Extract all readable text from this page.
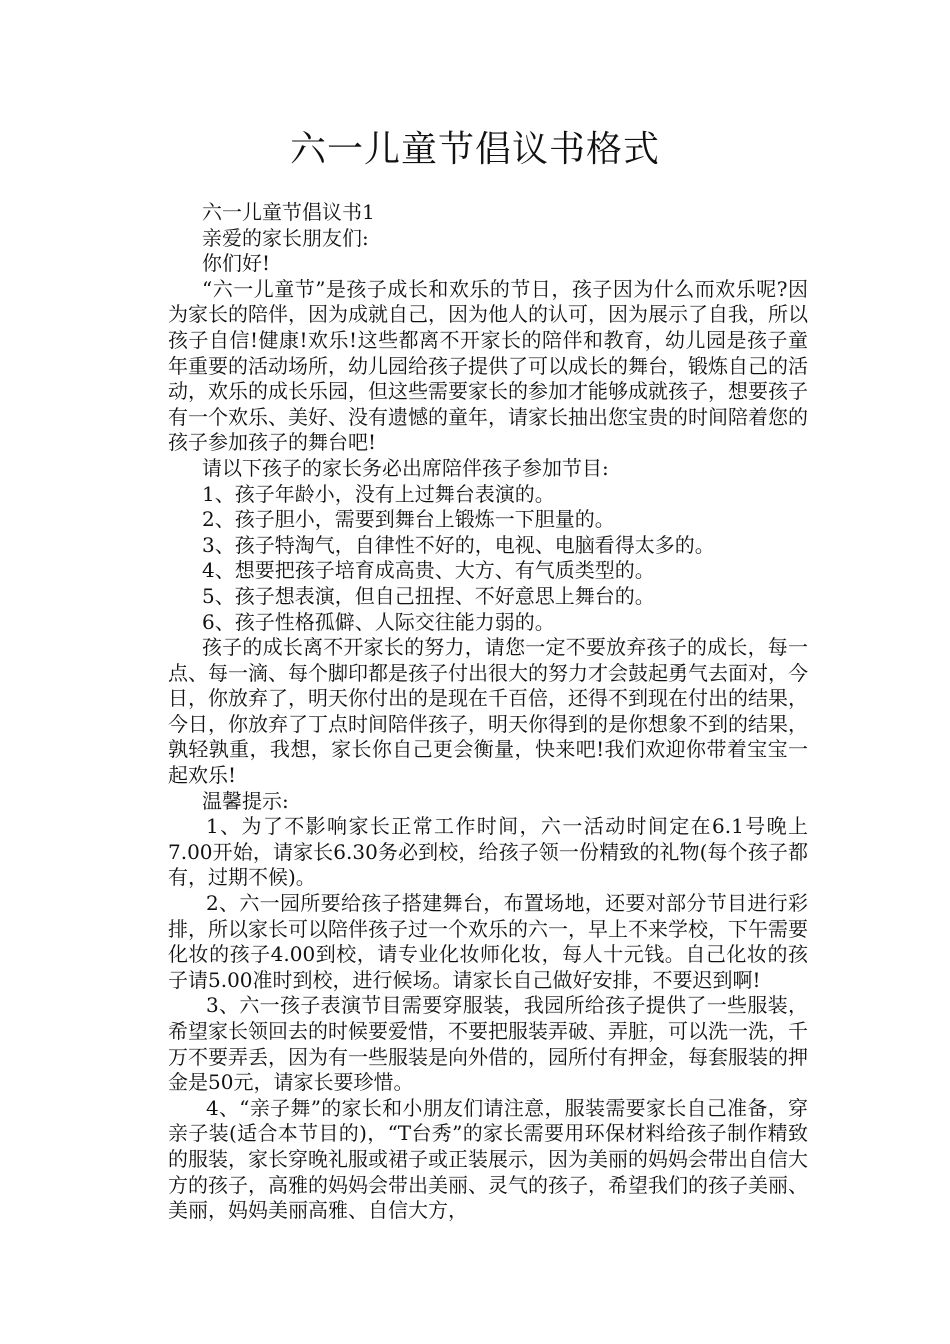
六一儿童节倡议书格式

六一儿童节倡议书1

亲爱的家长朋友们:

你们好!

“六一儿童节”是孩子成长和欢乐的节日，孩子因为什么而欢乐呢?因为家长的陪伴，因为成就自己，因为他人的认可，因为展示了自我，所以孩子自信!健康!欢乐!这些都离不开家长的陪伴和教育，幼儿园是孩子童年重要的活动场所，幼儿园给孩子提供了可以成长的舞台，锻炼自己的活动，欢乐的成长乐园，但这些需要家长的参加才能够成就孩子，想要孩子有一个欢乐、美好、没有遗憾的童年，请家长抽出您宝贵的时间陪着您的孩子参加孩子的舞台吧!

请以下孩子的家长务必出席陪伴孩子参加节目:

1、孩子年龄小，没有上过舞台表演的。

2、孩子胆小，需要到舞台上锻炼一下胆量的。

3、孩子特淘气，自律性不好的，电视、电脑看得太多的。

4、想要把孩子培育成高贵、大方、有气质类型的。

5、孩子想表演，但自己扭捏、不好意思上舞台的。

6、孩子性格孤僻、人际交往能力弱的。

孩子的成长离不开家长的努力，请您一定不要放弃孩子的成长，每一点、每一滴、每个脚印都是孩子付出很大的努力才会鼓起勇气去面对，今日，你放弃了，明天你付出的是现在千百倍，还得不到现在付出的结果，今日，你放弃了丁点时间陪伴孩子，明天你得到的是你想象不到的结果，孰轻孰重，我想，家长你自己更会衡量，快来吧!我们欢迎你带着宝宝一起欢乐!

温馨提示:

1、为了不影响家长正常工作时间，六一活动时间定在6.1号晚上7.00开始，请家长6.30务必到校，给孩子领一份精致的礼物(每个孩子都有，过期不候)。

2、六一园所要给孩子搭建舞台，布置场地，还要对部分节目进行彩排，所以家长可以陪伴孩子过一个欢乐的六一，早上不来学校，下午需要化妆的孩子4.00到校，请专业化妆师化妆，每人十元钱。自己化妆的孩子请5.00准时到校，进行候场。请家长自己做好安排，不要迟到啊!

3、六一孩子表演节目需要穿服装，我园所给孩子提供了一些服装，希望家长领回去的时候要爱惜，不要把服装弄破、弄脏，可以洗一洗，千万不要弄丢，因为有一些服装是向外借的，园所付有押金，每套服装的押金是50元，请家长要珍惜。

4、“亲子舞”的家长和小朋友们请注意，服装需要家长自己准备，穿亲子装(适合本节目的)，“T台秀”的家长需要用环保材料给孩子制作精致的服装，家长穿晚礼服或裙子或正装展示，因为美丽的妈妈会带出自信大方的孩子，高雅的妈妈会带出美丽、灵气的孩子，希望我们的孩子美丽、美丽，妈妈美丽高雅、自信大方，
